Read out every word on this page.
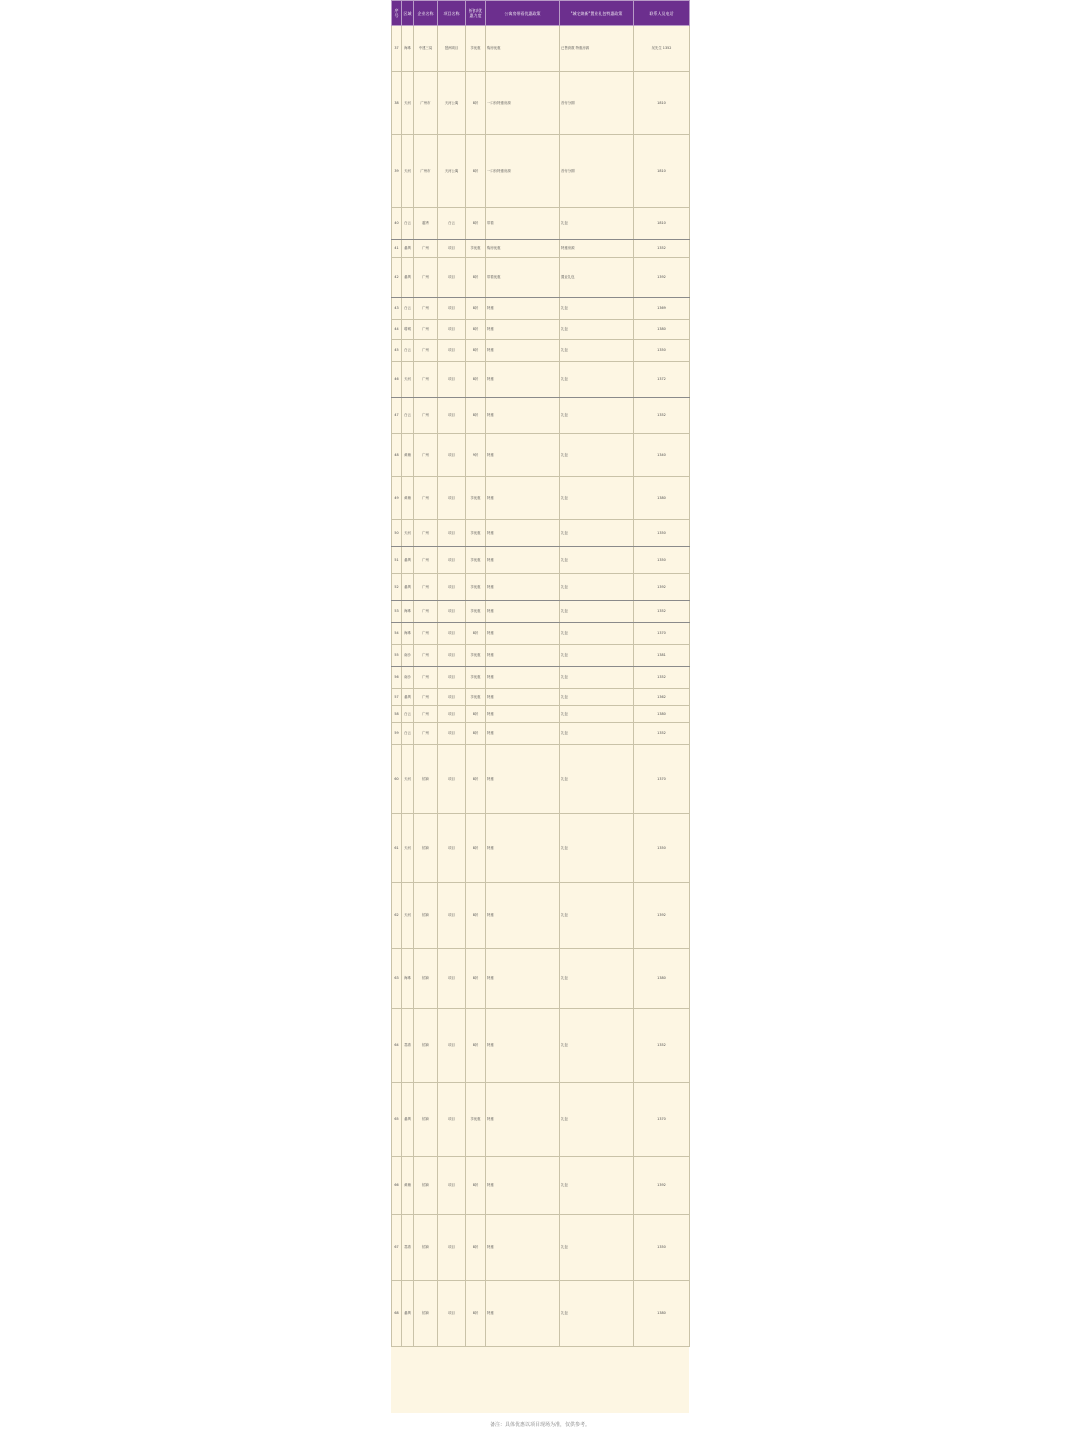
序号	区域	企业名称	项目名称	折扣/优惠力度	公寓房带看优惠政策	"城宅焕新"置业礼包特惠政策	联系人及电话
37	海珠	中建三局	琶洲项目	享优惠	购房优惠	已售套数 特惠房源	吴先生 1352
38	天河	广州市	天河公寓	8折	一口价特惠房源	首付分期	1810
39	天河	广州市	天河公寓	8折	一口价特惠房源	首付分期	1810
40	白云	越秀	白云	8折	带看	礼包	1810
41	番禺	广州	项目	享优惠	购房优惠	特惠房源	1352
42	番禺	广州	项目	8折	带看优惠	置业礼包	1392
43	白云	广州	项目	8折	特惠	礼包	1369
44	增城	广州	项目	8折	特惠	礼包	1380
45	白云	广州	项目	8折	特惠	礼包	1350
46	天河	广州	项目	8折	特惠	礼包	1372
47	白云	广州	项目	8折	特惠	礼包	1352
48	黄埔	广州	项目	9折	特惠	礼包	1340
49	黄埔	广州	项目	享优惠	特惠	礼包	1380
50	天河	广州	项目	享优惠	特惠	礼包	1350
51	番禺	广州	项目	享优惠	特惠	礼包	1350
52	番禺	广州	项目	享优惠	特惠	礼包	1392
53	海珠	广州	项目	享优惠	特惠	礼包	1352
54	海珠	广州	项目	8折	特惠	礼包	1370
55	南沙	广州	项目	享优惠	特惠	礼包	1381
56	南沙	广州	项目	享优惠	特惠	礼包	1352
57	番禺	广州	项目	享优惠	特惠	礼包	1362
58	白云	广州	项目	8折	特惠	礼包	1380
59	白云	广州	项目	8折	特惠	礼包	1352
60	天河	招商	项目	8折	特惠	礼包	1370
61	天河	招商	项目	8折	特惠	礼包	1350
62	天河	招商	项目	8折	特惠	礼包	1392
63	海珠	招商	项目	8折	特惠	礼包	1380
64	荔湾	招商	项目	8折	特惠	礼包	1352
65	番禺	招商	项目	享优惠	特惠	礼包	1370
66	黄埔	招商	项目	8折	特惠	礼包	1392
67	荔湾	招商	项目	8折	特惠	礼包	1350
68	番禺	招商	项目	8折	特惠	礼包	1380
备注：具体优惠以项目现场为准，仅供参考。
